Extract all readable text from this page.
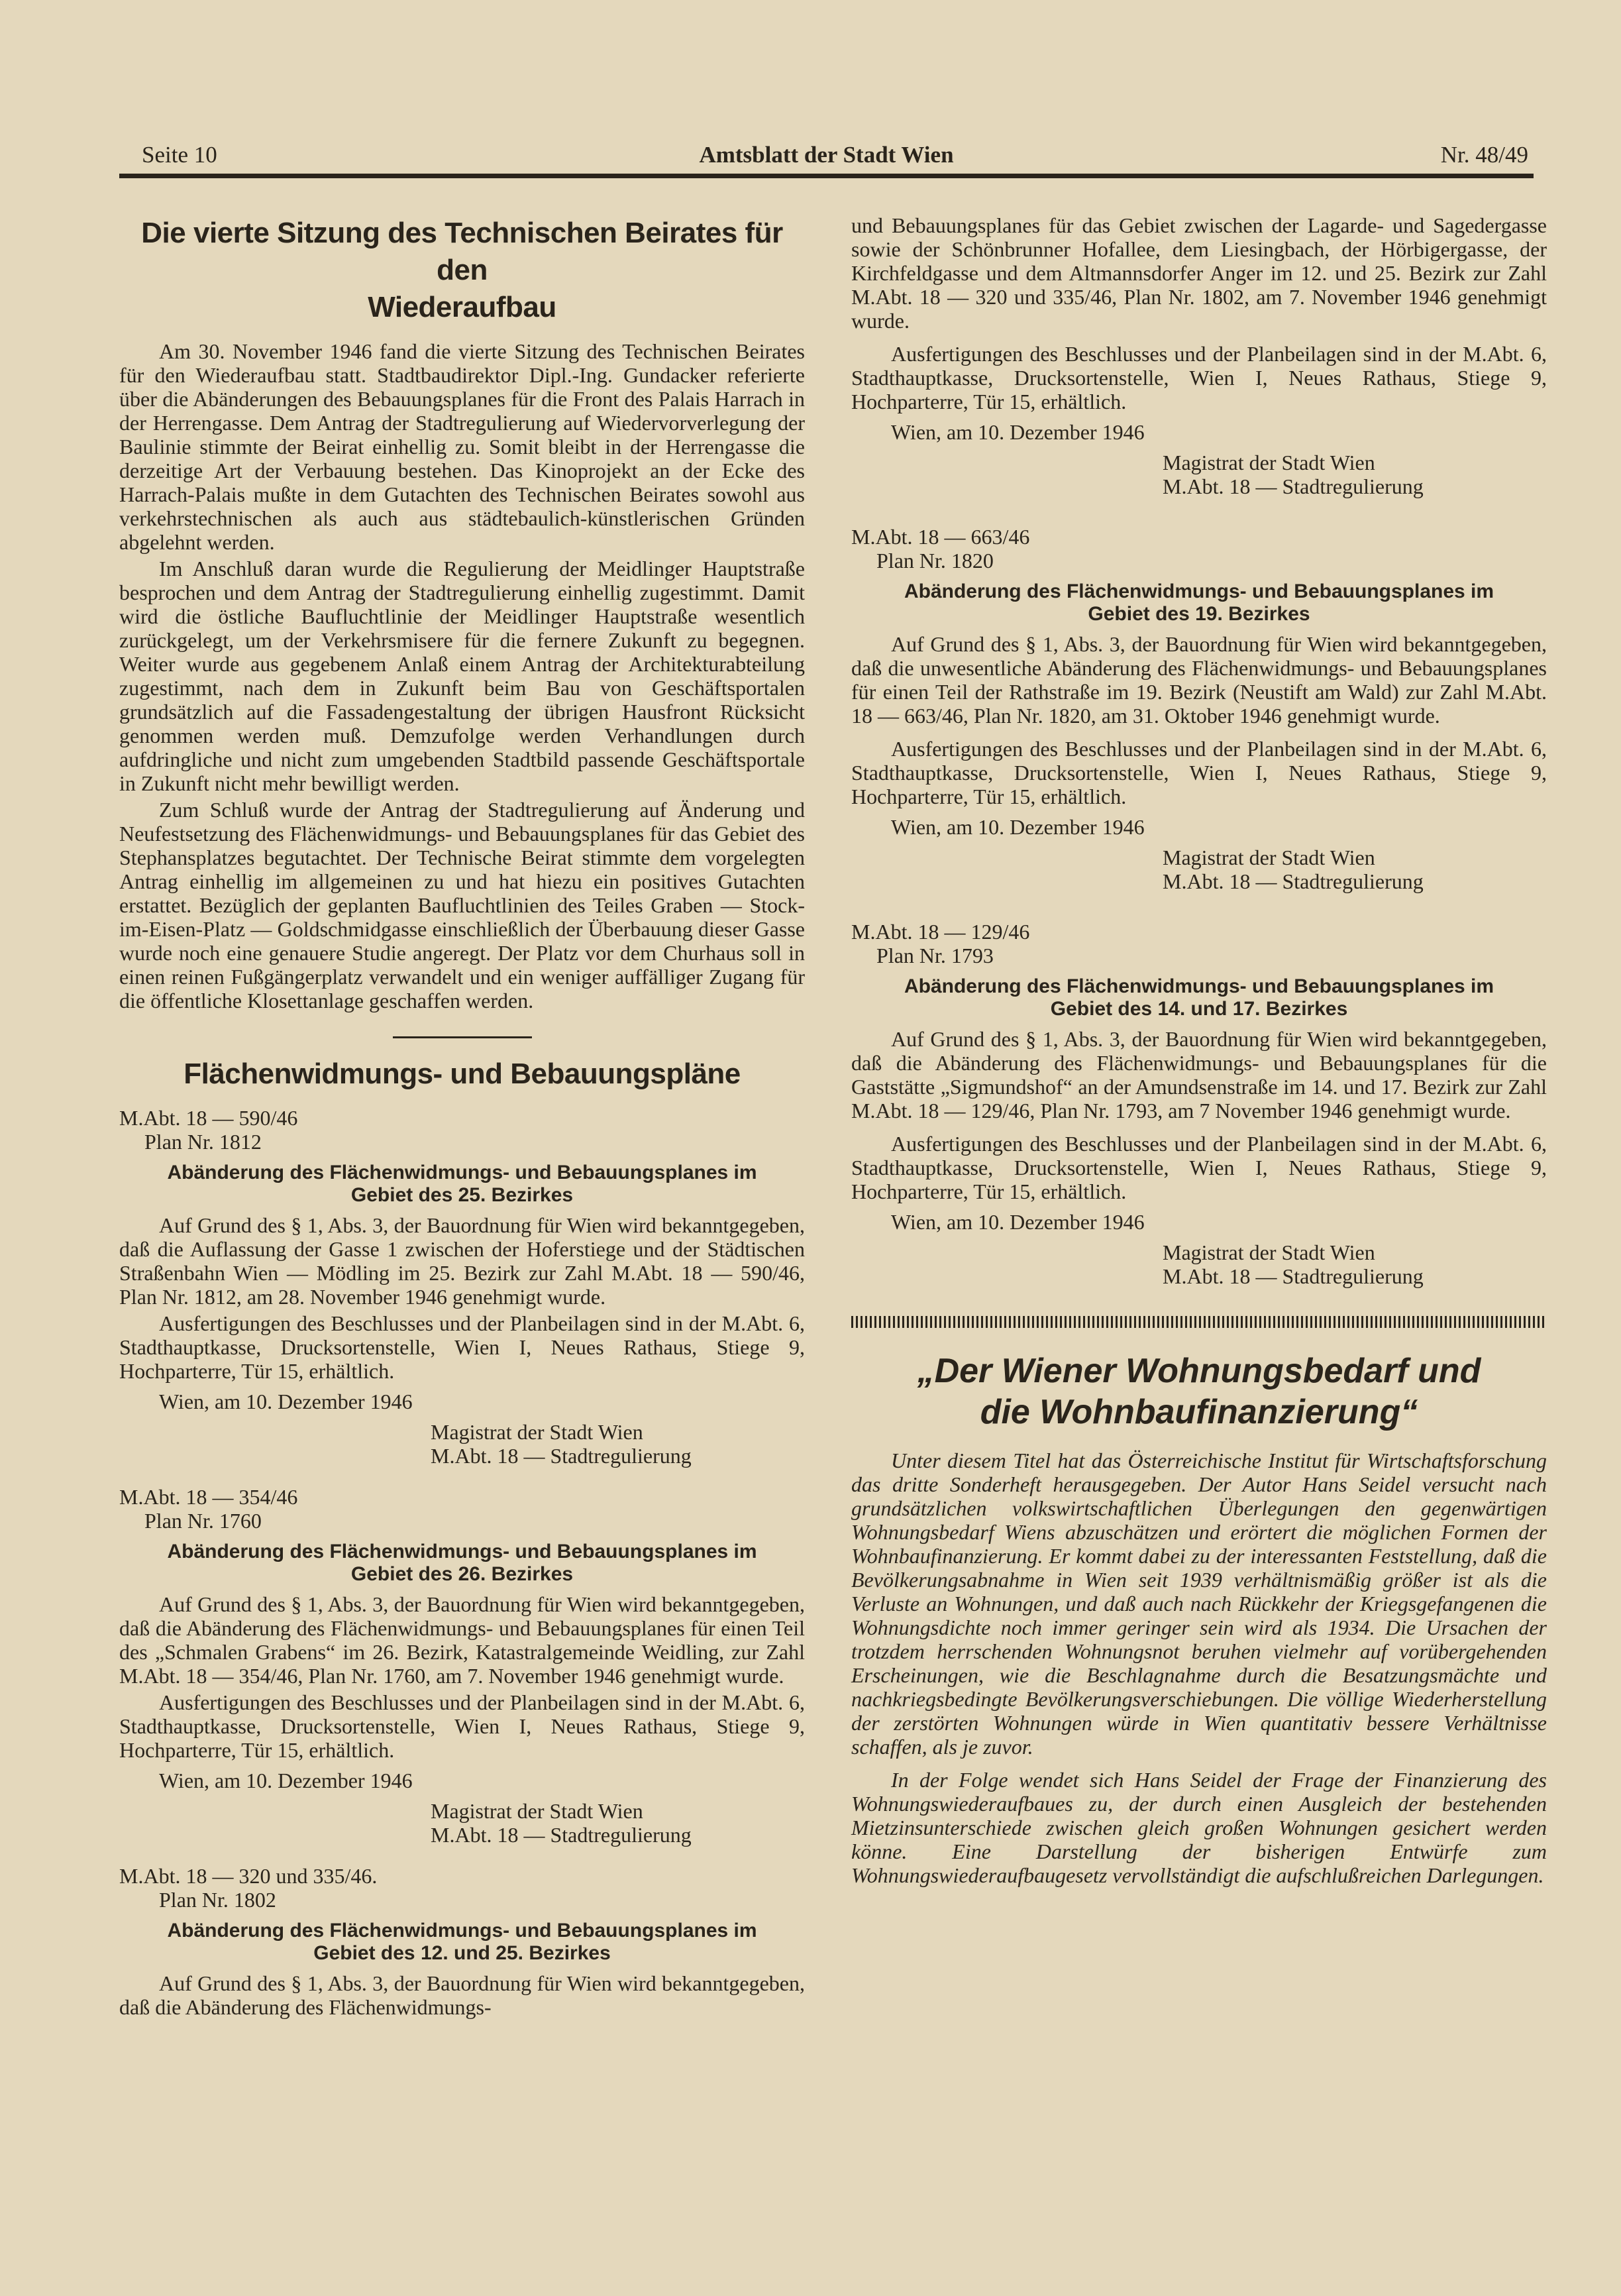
Amtsblatt der Stadt Wien
Seite 10	Nr. 48/49
Die vierte Sitzung des Technischen Beirates für den
Wiederaufbau

Am 30. November 1946 fand die vierte Sitzung des Technischen Beirates für den Wiederaufbau statt. Stadtbaudirektor Dipl.-Ing. Gundacker referierte über die Abänderungen des Bebauungsplanes für die Front des Palais Harrach in der Herrengasse. Dem Antrag der Stadtregulierung auf Wiedervorverlegung der Baulinie stimmte der Beirat einhellig zu. Somit bleibt in der Herrengasse die derzeitige Art der Verbauung bestehen. Das Kinoprojekt an der Ecke des Harrach-Palais mußte in dem Gutachten des Technischen Beirates sowohl aus verkehrstechnischen als auch aus städtebaulich-künstlerischen Gründen abgelehnt werden.

Im Anschluß daran wurde die Regulierung der Meidlinger Hauptstraße besprochen und dem Antrag der Stadtregulierung einhellig zugestimmt. Damit wird die östliche Baufluchtlinie der Meidlinger Hauptstraße wesentlich zurückgelegt, um der Verkehrsmisere für die fernere Zukunft zu begegnen. Weiter wurde aus gegebenem Anlaß einem Antrag der Architekturabteilung zugestimmt, nach dem in Zukunft beim Bau von Geschäftsportalen grundsätzlich auf die Fassadengestaltung der übrigen Hausfront Rücksicht genommen werden muß. Demzufolge werden Verhandlungen durch aufdringliche und nicht zum umgebenden Stadtbild passende Geschäftsportale in Zukunft nicht mehr bewilligt werden.

Zum Schluß wurde der Antrag der Stadtregulierung auf Änderung und Neufestsetzung des Flächenwidmungs- und Bebauungsplanes für das Gebiet des Stephansplatzes begutachtet. Der Technische Beirat stimmte dem vorgelegten Antrag einhellig im allgemeinen zu und hat hiezu ein positives Gutachten erstattet. Bezüglich der geplanten Baufluchtlinien des Teiles Graben — Stock-im-Eisen-Platz — Goldschmidgasse einschließlich der Überbauung dieser Gasse wurde noch eine genauere Studie angeregt. Der Platz vor dem Churhaus soll in einen reinen Fußgängerplatz verwandelt und ein weniger auffälliger Zugang für die öffentliche Klosettanlage geschaffen werden.

Flächenwidmungs- und Bebauungspläne
M.Abt. 18 — 590/46
Plan Nr. 1812
Abänderung des Flächenwidmungs- und Bebauungsplanes im
Gebiet des 25. Bezirkes

Auf Grund des § 1, Abs. 3, der Bauordnung für Wien wird bekanntgegeben, daß die Auflassung der Gasse 1 zwischen der Hoferstiege und der Städtischen Straßenbahn Wien — Mödling im 25. Bezirk zur Zahl M.Abt. 18 — 590/46, Plan Nr. 1812, am 28. November 1946 genehmigt wurde.

Ausfertigungen des Beschlusses und der Planbeilagen sind in der M.Abt. 6, Stadthauptkasse, Drucksortenstelle, Wien I, Neues Rathaus, Stiege 9, Hochparterre, Tür 15, erhältlich.

Wien, am 10. Dezember 1946
Magistrat der Stadt Wien
M.Abt. 18 — Stadtregulierung
M.Abt. 18 — 354/46
Plan Nr. 1760
Abänderung des Flächenwidmungs- und Bebauungsplanes im
Gebiet des 26. Bezirkes

Auf Grund des § 1, Abs. 3, der Bauordnung für Wien wird bekanntgegeben, daß die Abänderung des Flächenwidmungs- und Bebauungsplanes für einen Teil des „Schmalen Grabens“ im 26. Bezirk, Katastralgemeinde Weidling, zur Zahl M.Abt. 18 — 354/46, Plan Nr. 1760, am 7. November 1946 genehmigt wurde.

Ausfertigungen des Beschlusses und der Planbeilagen sind in der M.Abt. 6, Stadthauptkasse, Drucksortenstelle, Wien I, Neues Rathaus, Stiege 9, Hochparterre, Tür 15, erhältlich.

Wien, am 10. Dezember 1946
Magistrat der Stadt Wien
M.Abt. 18 — Stadtregulierung
M.Abt. 18 — 320 und 335/46.
Plan Nr. 1802
Abänderung des Flächenwidmungs- und Bebauungsplanes im
Gebiet des 12. und 25. Bezirkes

Auf Grund des § 1, Abs. 3, der Bauordnung für Wien wird bekanntgegeben, daß die Abänderung des Flächenwidmungs-

und Bebauungsplanes für das Gebiet zwischen der Lagarde- und Sagedergasse sowie der Schönbrunner Hofallee, dem Liesingbach, der Hörbigergasse, der Kirchfeldgasse und dem Altmannsdorfer Anger im 12. und 25. Bezirk zur Zahl M.Abt. 18 — 320 und 335/46, Plan Nr. 1802, am 7. November 1946 genehmigt wurde.

Ausfertigungen des Beschlusses und der Planbeilagen sind in der M.Abt. 6, Stadthauptkasse, Drucksortenstelle, Wien I, Neues Rathaus, Stiege 9, Hochparterre, Tür 15, erhältlich.

Wien, am 10. Dezember 1946
Magistrat der Stadt Wien
M.Abt. 18 — Stadtregulierung
M.Abt. 18 — 663/46
Plan Nr. 1820
Abänderung des Flächenwidmungs- und Bebauungsplanes im
Gebiet des 19. Bezirkes

Auf Grund des § 1, Abs. 3, der Bauordnung für Wien wird bekanntgegeben, daß die unwesentliche Abänderung des Flächenwidmungs- und Bebauungsplanes für einen Teil der Rathstraße im 19. Bezirk (Neustift am Wald) zur Zahl M.Abt. 18 — 663/46, Plan Nr. 1820, am 31. Oktober 1946 genehmigt wurde.

Ausfertigungen des Beschlusses und der Planbeilagen sind in der M.Abt. 6, Stadthauptkasse, Drucksortenstelle, Wien I, Neues Rathaus, Stiege 9, Hochparterre, Tür 15, erhältlich.

Wien, am 10. Dezember 1946
Magistrat der Stadt Wien
M.Abt. 18 — Stadtregulierung
M.Abt. 18 — 129/46
Plan Nr. 1793
Abänderung des Flächenwidmungs- und Bebauungsplanes im
Gebiet des 14. und 17. Bezirkes

Auf Grund des § 1, Abs. 3, der Bauordnung für Wien wird bekanntgegeben, daß die Abänderung des Flächenwidmungs- und Bebauungsplanes für die Gaststätte „Sigmundshof“ an der Amundsenstraße im 14. und 17. Bezirk zur Zahl M.Abt. 18 — 129/46, Plan Nr. 1793, am 7 November 1946 genehmigt wurde.

Ausfertigungen des Beschlusses und der Planbeilagen sind in der M.Abt. 6, Stadthauptkasse, Drucksortenstelle, Wien I, Neues Rathaus, Stiege 9, Hochparterre, Tür 15, erhältlich.

Wien, am 10. Dezember 1946
Magistrat der Stadt Wien
M.Abt. 18 — Stadtregulierung
„Der Wiener Wohnungsbedarf und
die Wohnbaufinanzierung“

Unter diesem Titel hat das Österreichische Institut für Wirtschaftsforschung das dritte Sonderheft herausgegeben. Der Autor Hans Seidel versucht nach grundsätzlichen volkswirtschaftlichen Überlegungen den gegenwärtigen Wohnungsbedarf Wiens abzuschätzen und erörtert die möglichen Formen der Wohnbaufinanzierung. Er kommt dabei zu der interessanten Feststellung, daß die Bevölkerungsabnahme in Wien seit 1939 verhältnismäßig größer ist als die Verluste an Wohnungen, und daß auch nach Rückkehr der Kriegsgefangenen die Wohnungsdichte noch immer geringer sein wird als 1934. Die Ursachen der trotzdem herrschenden Wohnungsnot beruhen vielmehr auf vorübergehenden Erscheinungen, wie die Beschlagnahme durch die Besatzungsmächte und nachkriegsbedingte Bevölkerungsverschiebungen. Die völlige Wiederherstellung der zerstörten Wohnungen würde in Wien quantitativ bessere Verhältnisse schaffen, als je zuvor.

In der Folge wendet sich Hans Seidel der Frage der Finanzierung des Wohnungswiederaufbaues zu, der durch einen Ausgleich der bestehenden Mietzinsunterschiede zwischen gleich großen Wohnungen gesichert werden könne. Eine Darstellung der bisherigen Entwürfe zum Wohnungswiederaufbaugesetz vervollständigt die aufschlußreichen Darlegungen.
